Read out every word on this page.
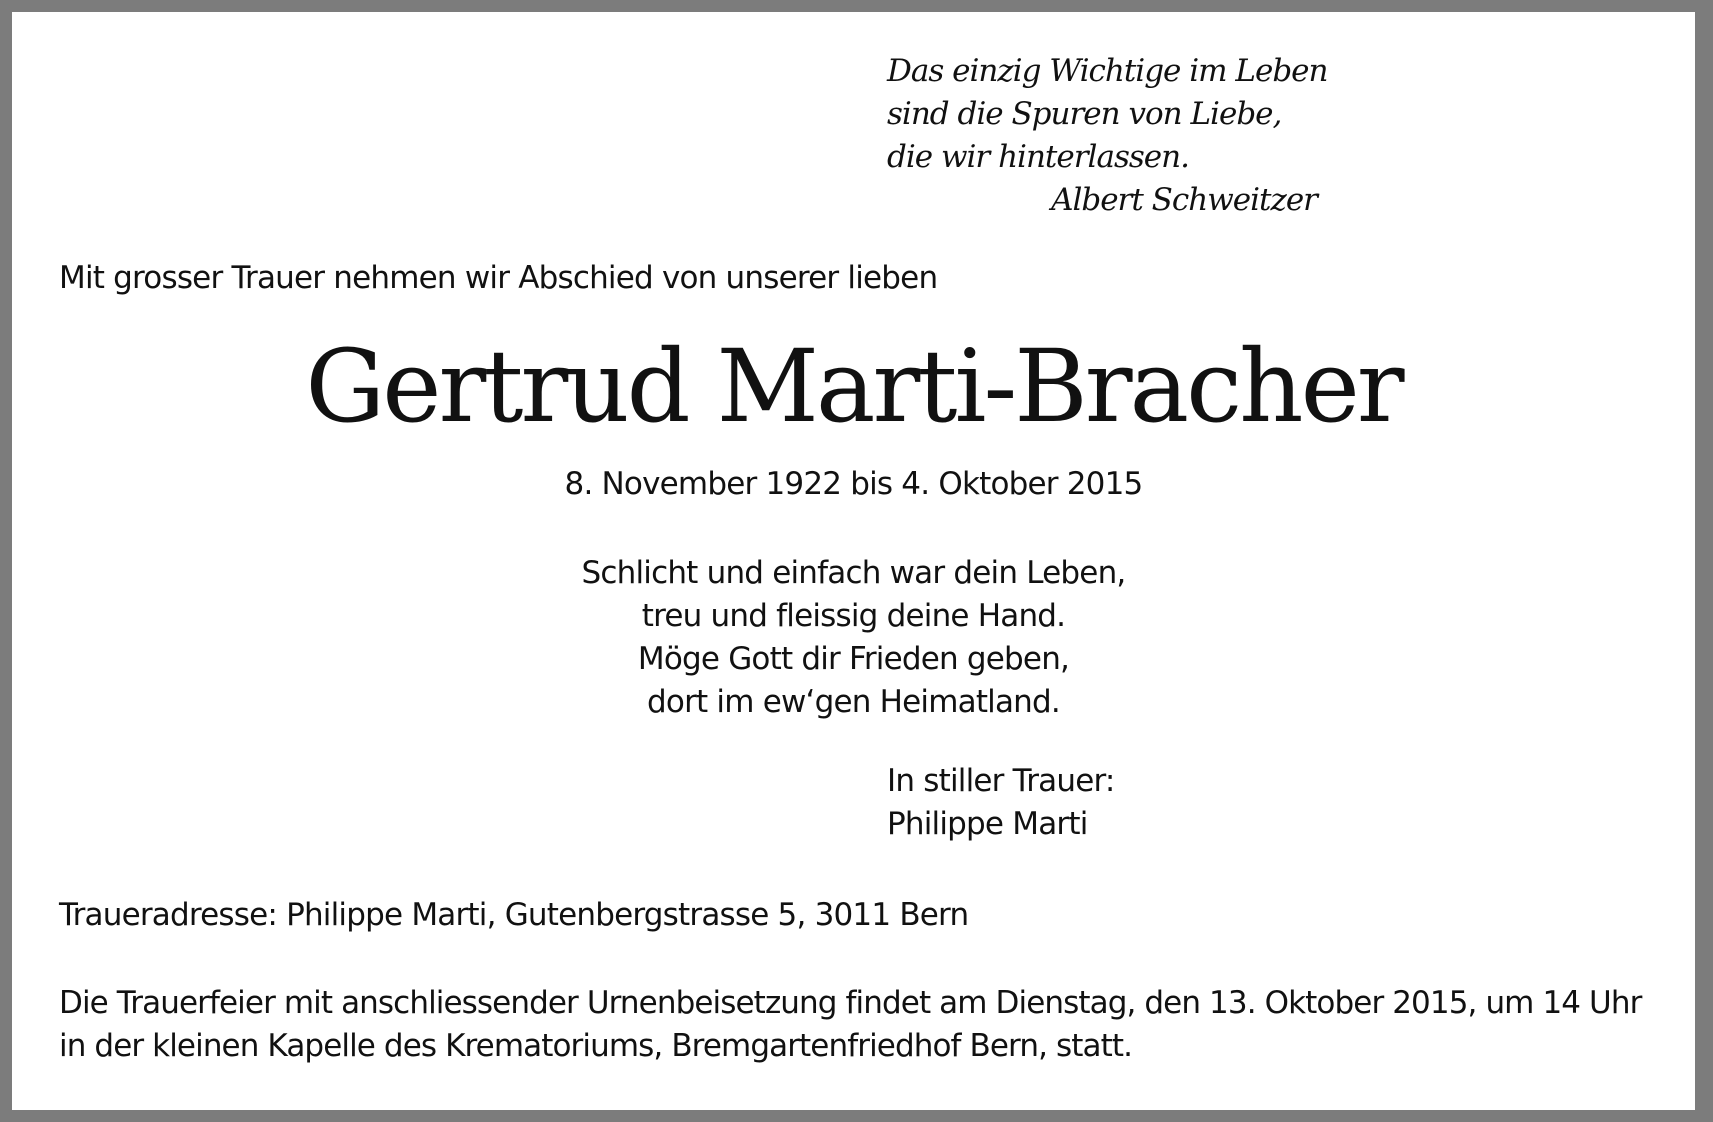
Das einzig Wichtige im Leben
sind die Spuren von Liebe,
die wir hinterlassen.
Albert Schweitzer
Mit grosser Trauer nehmen wir Abschied von unserer lieben
Gertrud Marti-Bracher
8. November 1922 bis 4. Oktober 2015
Schlicht und einfach war dein Leben,
treu und fleissig deine Hand.
Möge Gott dir Frieden geben,
dort im ew‘gen Heimatland.
In stiller Trauer:
Philippe Marti
Traueradresse: Philippe Marti, Gutenbergstrasse 5, 3011 Bern
Die Trauerfeier mit anschliessender Urnenbeisetzung findet am Dienstag, den 13. Oktober 2015, um 14 Uhr
in der kleinen Kapelle des Krematoriums, Bremgartenfriedhof Bern, statt.
